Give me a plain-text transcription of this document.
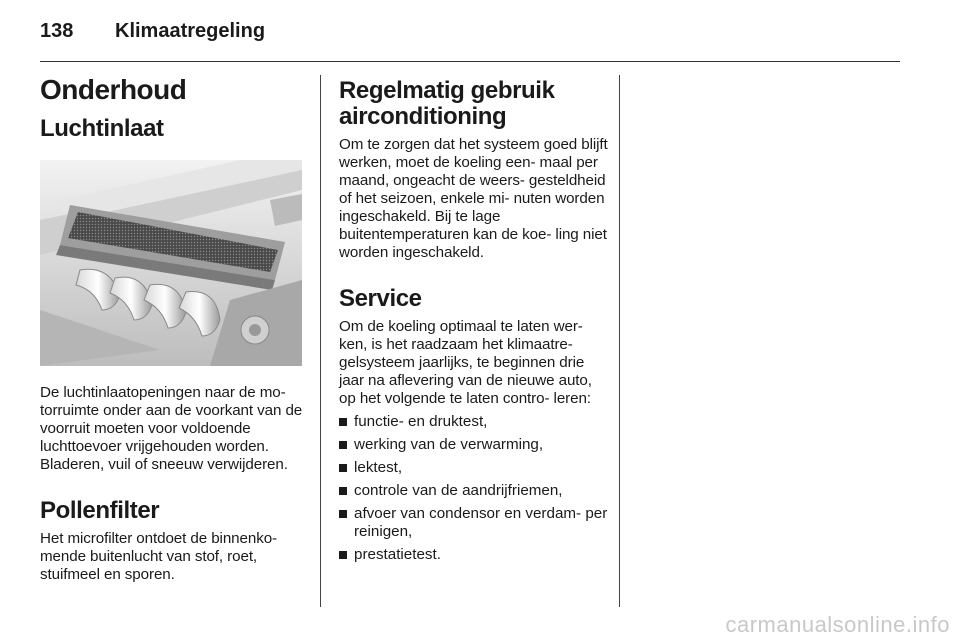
138 Klimaatregeling
Onderhoud
Luchtinlaat

De luchtinlaatopeningen naar de mo- torruimte onder aan de voorkant van de voorruit moeten voor voldoende luchttoevoer vrijgehouden worden. Bladeren, vuil of sneeuw verwijderen.

Pollenfilter

Het microfilter ontdoet de binnenko- mende buitenlucht van stof, roet, stuifmeel en sporen.

Regelmatig gebruik
airconditioning

Om te zorgen dat het systeem goed blijft werken, moet de koeling een- maal per maand, ongeacht de weers- gesteldheid of het seizoen, enkele mi- nuten worden ingeschakeld. Bij te lage buitentemperaturen kan de koe- ling niet worden ingeschakeld.

Service

Om de koeling optimaal te laten wer- ken, is het raadzaam het klimaatre- gelsysteem jaarlijks, te beginnen drie jaar na aflevering van de nieuwe auto, op het volgende te laten contro- leren:

functie- en druktest,
werking van de verwarming,
lektest,
controle van de aandrijfriemen,
afvoer van condensor en verdam- per reinigen,
prestatietest.
carmanualsonline.info
